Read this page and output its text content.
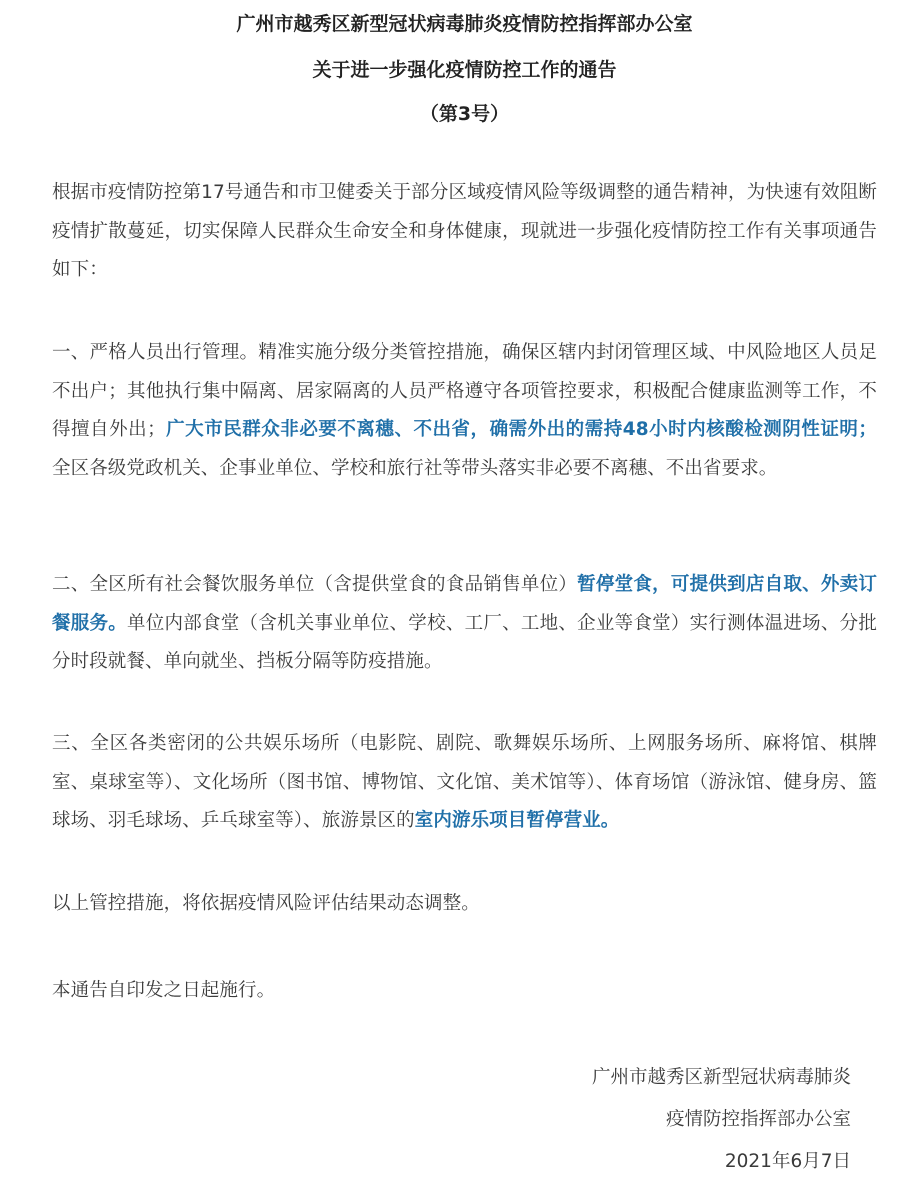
广州市越秀区新型冠状病毒肺炎疫情防控指挥部办公室
关于进一步强化疫情防控工作的通告
（第3号）

根据市疫情防控第17号通告和市卫健委关于部分区域疫情风险等级调整的通告精神，为快速有效阻断疫情扩散蔓延，切实保障人民群众生命安全和身体健康，现就进一步强化疫情防控工作有关事项通告如下：

一、严格人员出行管理。精准实施分级分类管控措施，确保区辖内封闭管理区域、中风险地区人员足不出户；其他执行集中隔离、居家隔离的人员严格遵守各项管控要求，积极配合健康监测等工作，不得擅自外出；广大市民群众非必要不离穗、不出省，确需外出的需持48小时内核酸检测阴性证明；全区各级党政机关、企事业单位、学校和旅行社等带头落实非必要不离穗、不出省要求。

二、全区所有社会餐饮服务单位（含提供堂食的食品销售单位）暂停堂食，可提供到店自取、外卖订餐服务。单位内部食堂（含机关事业单位、学校、工厂、工地、企业等食堂）实行测体温进场、分批分时段就餐、单向就坐、挡板分隔等防疫措施。

三、全区各类密闭的公共娱乐场所（电影院、剧院、歌舞娱乐场所、上网服务场所、麻将馆、棋牌室、桌球室等）、文化场所（图书馆、博物馆、文化馆、美术馆等）、体育场馆（游泳馆、健身房、篮球场、羽毛球场、乒乓球室等）、旅游景区的室内游乐项目暂停营业。

以上管控措施，将依据疫情风险评估结果动态调整。

本通告自印发之日起施行。

广州市越秀区新型冠状病毒肺炎

疫情防控指挥部办公室

2021年6月7日
